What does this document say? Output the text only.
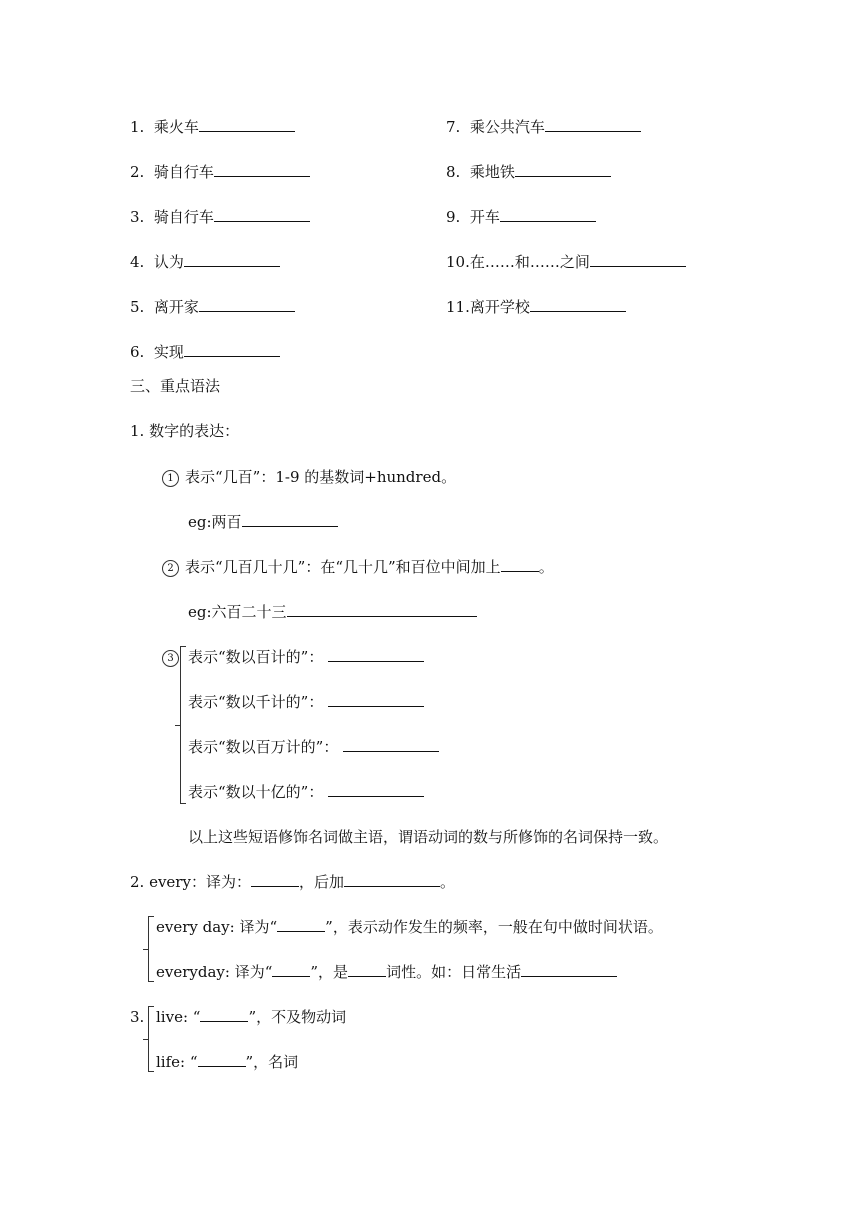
1. 乘火车
2. 骑自行车
3. 骑自行车
4. 认为
5. 离开家
6. 实现
7. 乘公共汽车
8. 乘地铁
9. 开车
10.在……和……之间
11.离开学校
三、重点语法
1. 数字的表达：
1 表示“几百”：1-9 的基数词+hundred。
eg:两百
2 表示“几百几十几”：在“几十几”和百位中间加上	。
eg:六百二十三
3 表示“数以百计的”：
表示“数以千计的”：
表示“数以百万计的”：
表示“数以十亿的”：
以上这些短语修饰名词做主语，谓语动词的数与所修饰的名词保持一致。
2. every：译为：	，后加	。
every day: 译为“	”，表示动作发生的频率，一般在句中做时间状语。
everyday: 译为“	”，是	词性。如：日常生活
3. live: “	”，不及物动词
life: “	”，名词
